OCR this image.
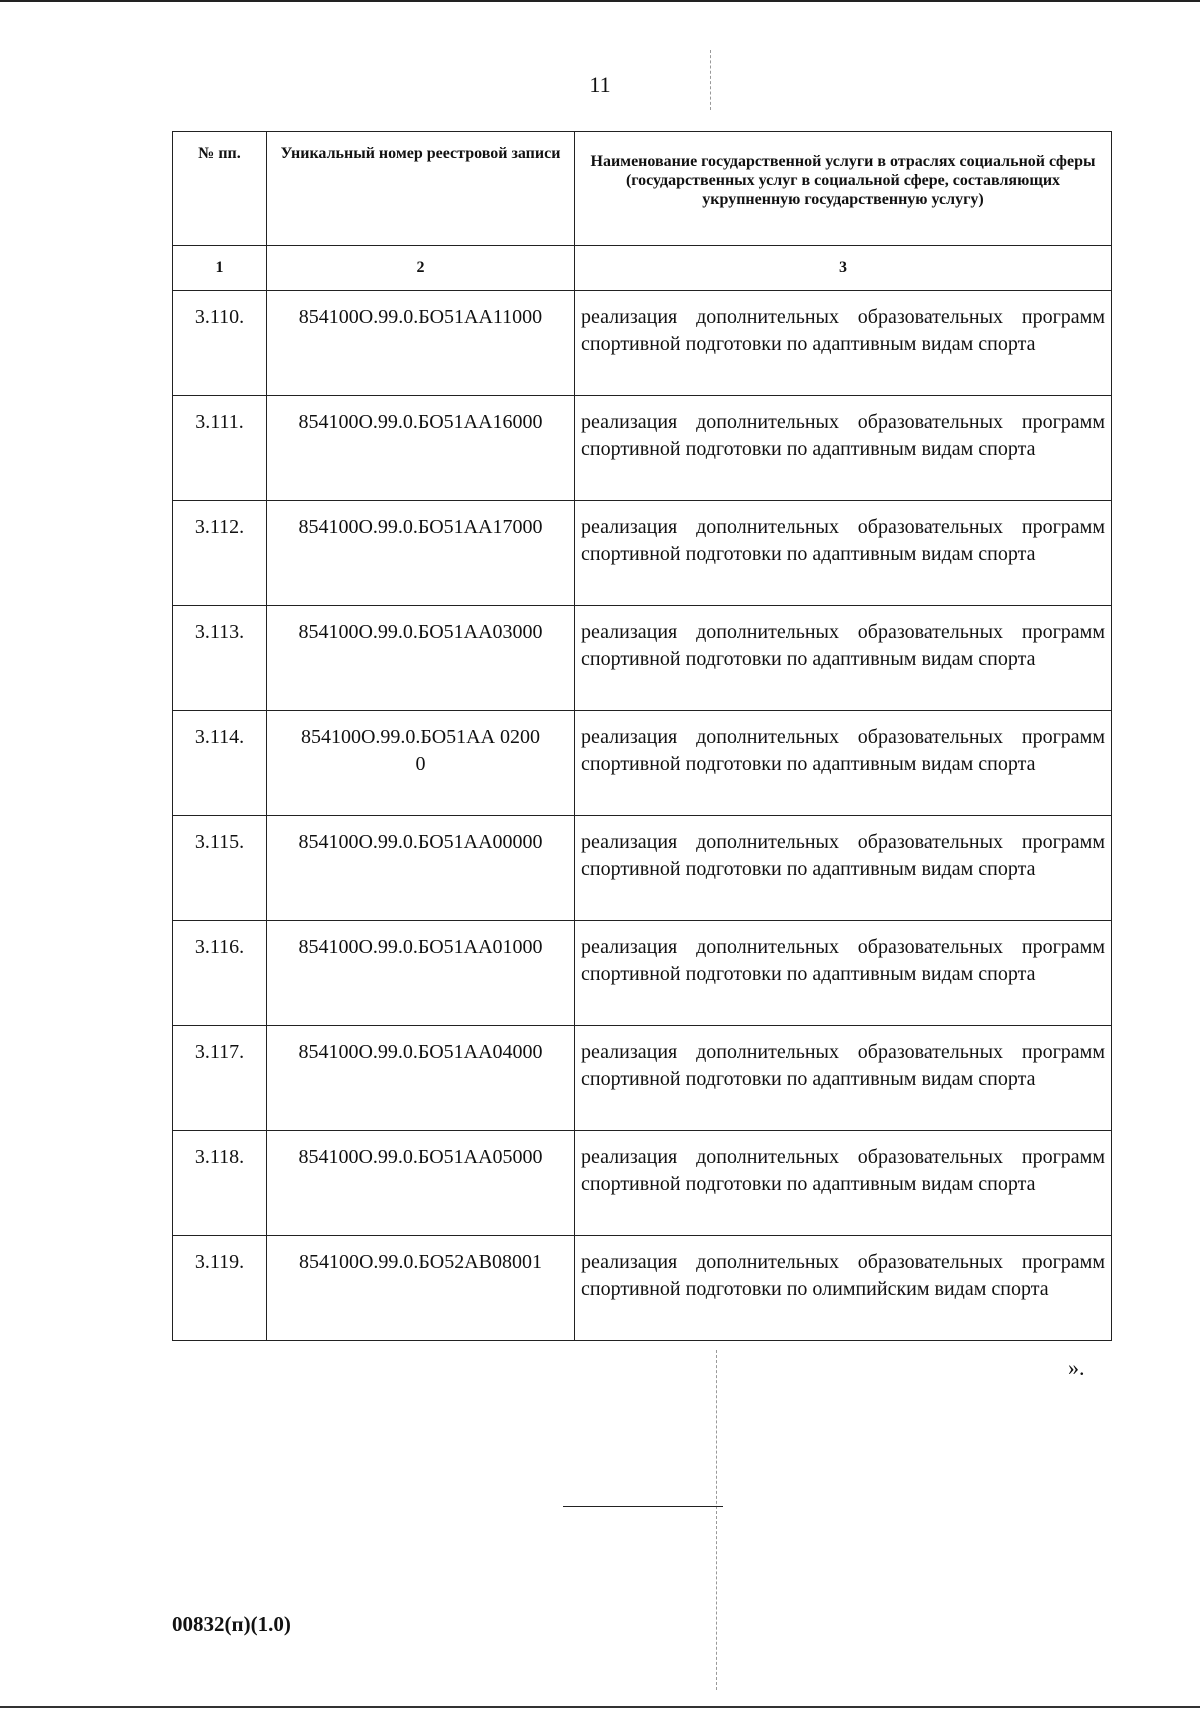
11
№ пп.	Уникальный номер реестровой записи	Наименование государственной услуги в отраслях социальной сферы (государственных услуг в социальной сфере, составляющих укрупненную государственную услугу)
1	2	3
3.110.	854100О.99.0.БО51АА11000	реализация дополнительных образовательных программ спортивной подготовки по адаптивным видам спорта
3.111.	854100О.99.0.БО51АА16000	реализация дополнительных образовательных программ спортивной подготовки по адаптивным видам спорта
3.112.	854100О.99.0.БО51АА17000	реализация дополнительных образовательных программ спортивной подготовки по адаптивным видам спорта
3.113.	854100О.99.0.БО51АА03000	реализация дополнительных образовательных программ спортивной подготовки по адаптивным видам спорта
3.114.	854100О.99.0.БО51АА 02000	реализация дополнительных образовательных программ спортивной подготовки по адаптивным видам спорта
3.115.	854100О.99.0.БО51АА00000	реализация дополнительных образовательных программ спортивной подготовки по адаптивным видам спорта
3.116.	854100О.99.0.БО51АА01000	реализация дополнительных образовательных программ спортивной подготовки по адаптивным видам спорта
3.117.	854100О.99.0.БО51АА04000	реализация дополнительных образовательных программ спортивной подготовки по адаптивным видам спорта
3.118.	854100О.99.0.БО51АА05000	реализация дополнительных образовательных программ спортивной подготовки по адаптивным видам спорта
3.119.	854100О.99.0.БО52АВ08001	реализация дополнительных образовательных программ спортивной подготовки по олимпийским видам спорта
».
00832(п)(1.0)
